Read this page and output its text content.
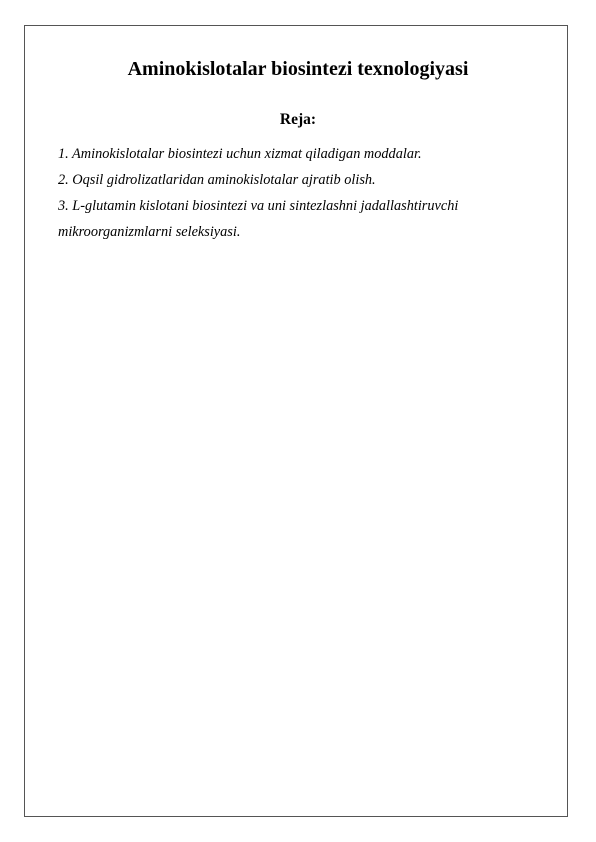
Aminokislotalar biosintezi texnologiyasi
Reja:
1. Aminokislotalar biosintezi uchun xizmat qiladigan moddalar.
2. Oqsil gidrolizatlaridan aminokislotalar ajratib olish.
3. L-glutamin kislotani biosintezi va uni sintezlashni jadallashtiruvchi mikroorganizmlarni seleksiyasi.
